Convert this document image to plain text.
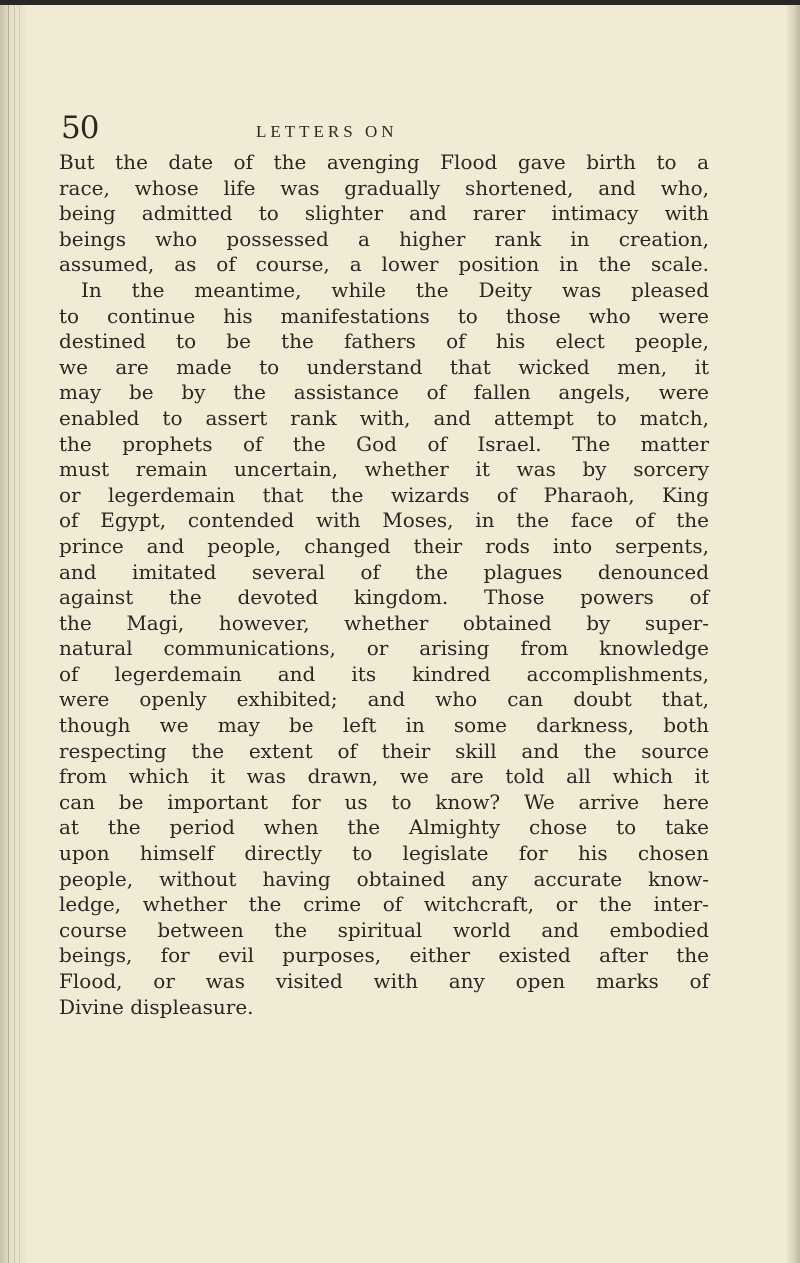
50	LETTERS ON
But the date of the avenging Flood gave birth to a
race, whose life was gradually shortened, and who,
being admitted to slighter and rarer intimacy with
beings who possessed a higher rank in creation,
assumed, as of course, a lower position in the scale.
In the meantime, while the Deity was pleased
to continue his manifestations to those who were
destined to be the fathers of his elect people,
we are made to understand that wicked men, it
may be by the assistance of fallen angels, were
enabled to assert rank with, and attempt to match,
the prophets of the God of Israel. The matter
must remain uncertain, whether it was by sorcery
or legerdemain that the wizards of Pharaoh, King
of Egypt, contended with Moses, in the face of the
prince and people, changed their rods into serpents,
and imitated several of the plagues denounced
against the devoted kingdom. Those powers of
the Magi, however, whether obtained by super-
natural communications, or arising from knowledge
of legerdemain and its kindred accomplishments,
were openly exhibited; and who can doubt that,
though we may be left in some darkness, both
respecting the extent of their skill and the source
from which it was drawn, we are told all which it
can be important for us to know? We arrive here
at the period when the Almighty chose to take
upon himself directly to legislate for his chosen
people, without having obtained any accurate know-
ledge, whether the crime of witchcraft, or the inter-
course between the spiritual world and embodied
beings, for evil purposes, either existed after the
Flood, or was visited with any open marks of
Divine displeasure.
